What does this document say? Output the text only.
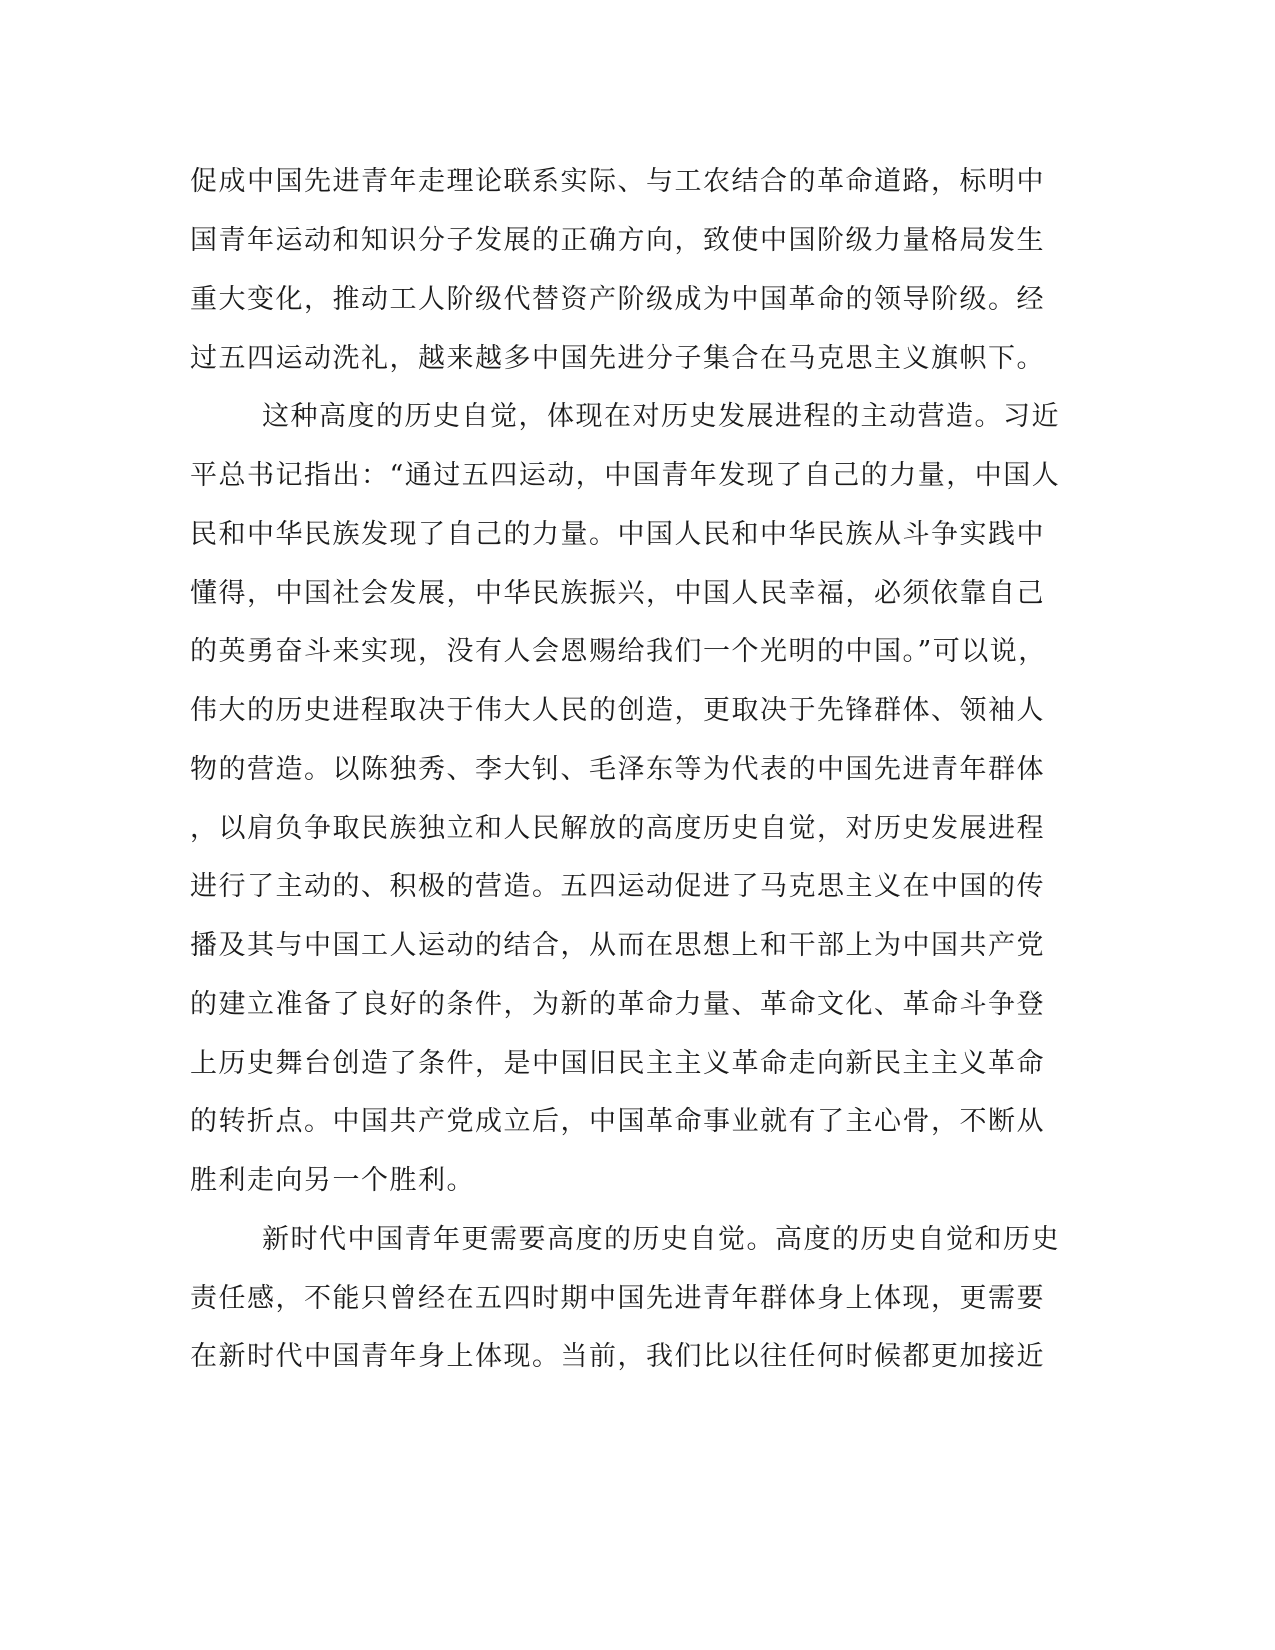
促成中国先进青年走理论联系实际、与工农结合的革命道路，标明中
国青年运动和知识分子发展的正确方向，致使中国阶级力量格局发生
重大变化，推动工人阶级代替资产阶级成为中国革命的领导阶级。经
过五四运动洗礼，越来越多中国先进分子集合在马克思主义旗帜下。
这种高度的历史自觉，体现在对历史发展进程的主动营造。习近
平总书记指出：“通过五四运动，中国青年发现了自己的力量，中国人
民和中华民族发现了自己的力量。中国人民和中华民族从斗争实践中
懂得，中国社会发展，中华民族振兴，中国人民幸福，必须依靠自己
的英勇奋斗来实现，没有人会恩赐给我们一个光明的中国。”可以说，
伟大的历史进程取决于伟大人民的创造，更取决于先锋群体、领袖人
物的营造。以陈独秀、李大钊、毛泽东等为代表的中国先进青年群体
，以肩负争取民族独立和人民解放的高度历史自觉，对历史发展进程
进行了主动的、积极的营造。五四运动促进了马克思主义在中国的传
播及其与中国工人运动的结合，从而在思想上和干部上为中国共产党
的建立准备了良好的条件，为新的革命力量、革命文化、革命斗争登
上历史舞台创造了条件，是中国旧民主主义革命走向新民主主义革命
的转折点。中国共产党成立后，中国革命事业就有了主心骨，不断从
胜利走向另一个胜利。
新时代中国青年更需要高度的历史自觉。高度的历史自觉和历史
责任感，不能只曾经在五四时期中国先进青年群体身上体现，更需要
在新时代中国青年身上体现。当前，我们比以往任何时候都更加接近
